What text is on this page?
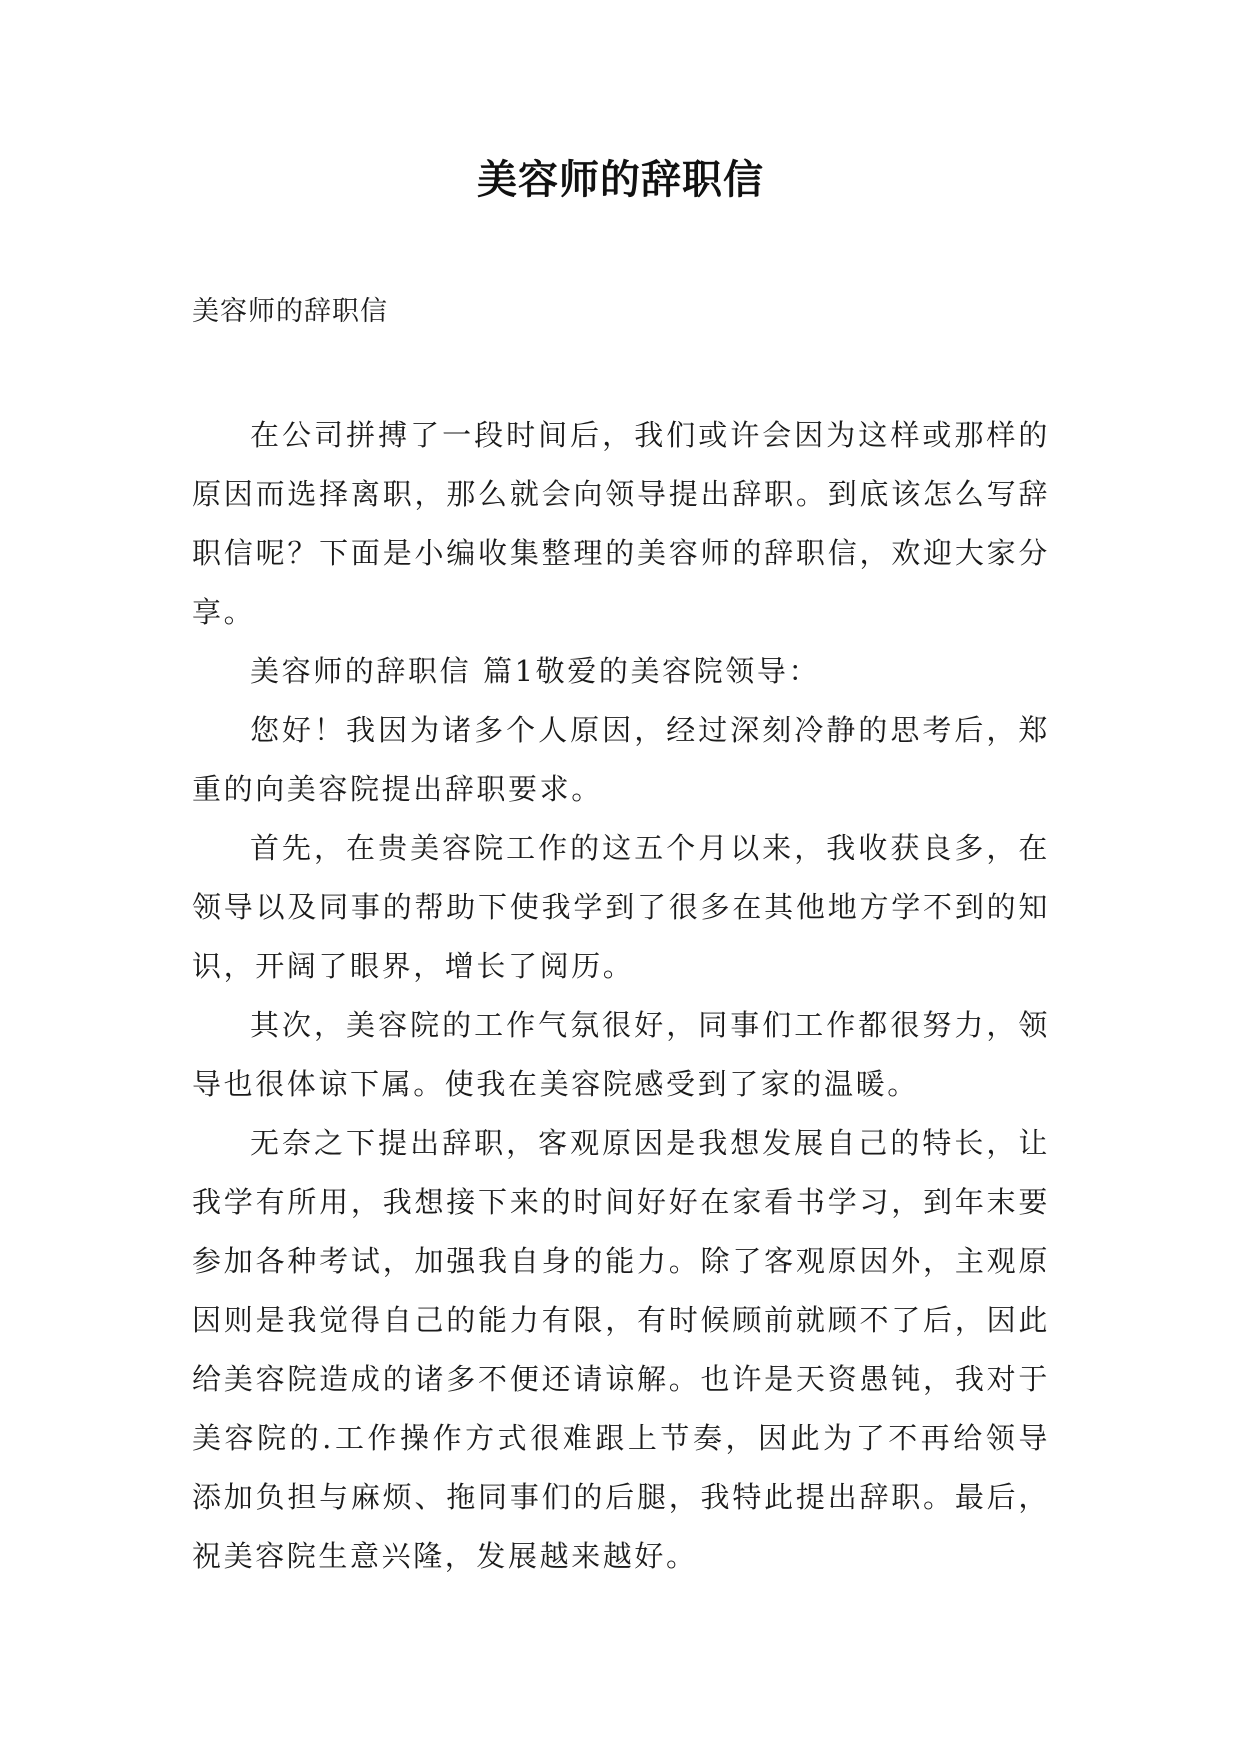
美容师的辞职信

美容师的辞职信

在公司拼搏了一段时间后，我们或许会因为这样或那样的原因而选择离职，那么就会向领导提出辞职。到底该怎么写辞职信呢？下面是小编收集整理的美容师的辞职信，欢迎大家分享。

美容师的辞职信 篇1敬爱的美容院领导：

您好！我因为诸多个人原因，经过深刻冷静的思考后，郑重的向美容院提出辞职要求。

首先，在贵美容院工作的这五个月以来，我收获良多，在领导以及同事的帮助下使我学到了很多在其他地方学不到的知识，开阔了眼界，增长了阅历。

其次，美容院的工作气氛很好，同事们工作都很努力，领导也很体谅下属。使我在美容院感受到了家的温暖。

无奈之下提出辞职，客观原因是我想发展自己的特长，让我学有所用，我想接下来的时间好好在家看书学习，到年末要参加各种考试，加强我自身的能力。除了客观原因外，主观原因则是我觉得自己的能力有限，有时候顾前就顾不了后，因此给美容院造成的诸多不便还请谅解。也许是天资愚钝，我对于美容院的.工作操作方式很难跟上节奏，因此为了不再给领导添加负担与麻烦、拖同事们的后腿，我特此提出辞职。最后，祝美容院生意兴隆，发展越来越好。
